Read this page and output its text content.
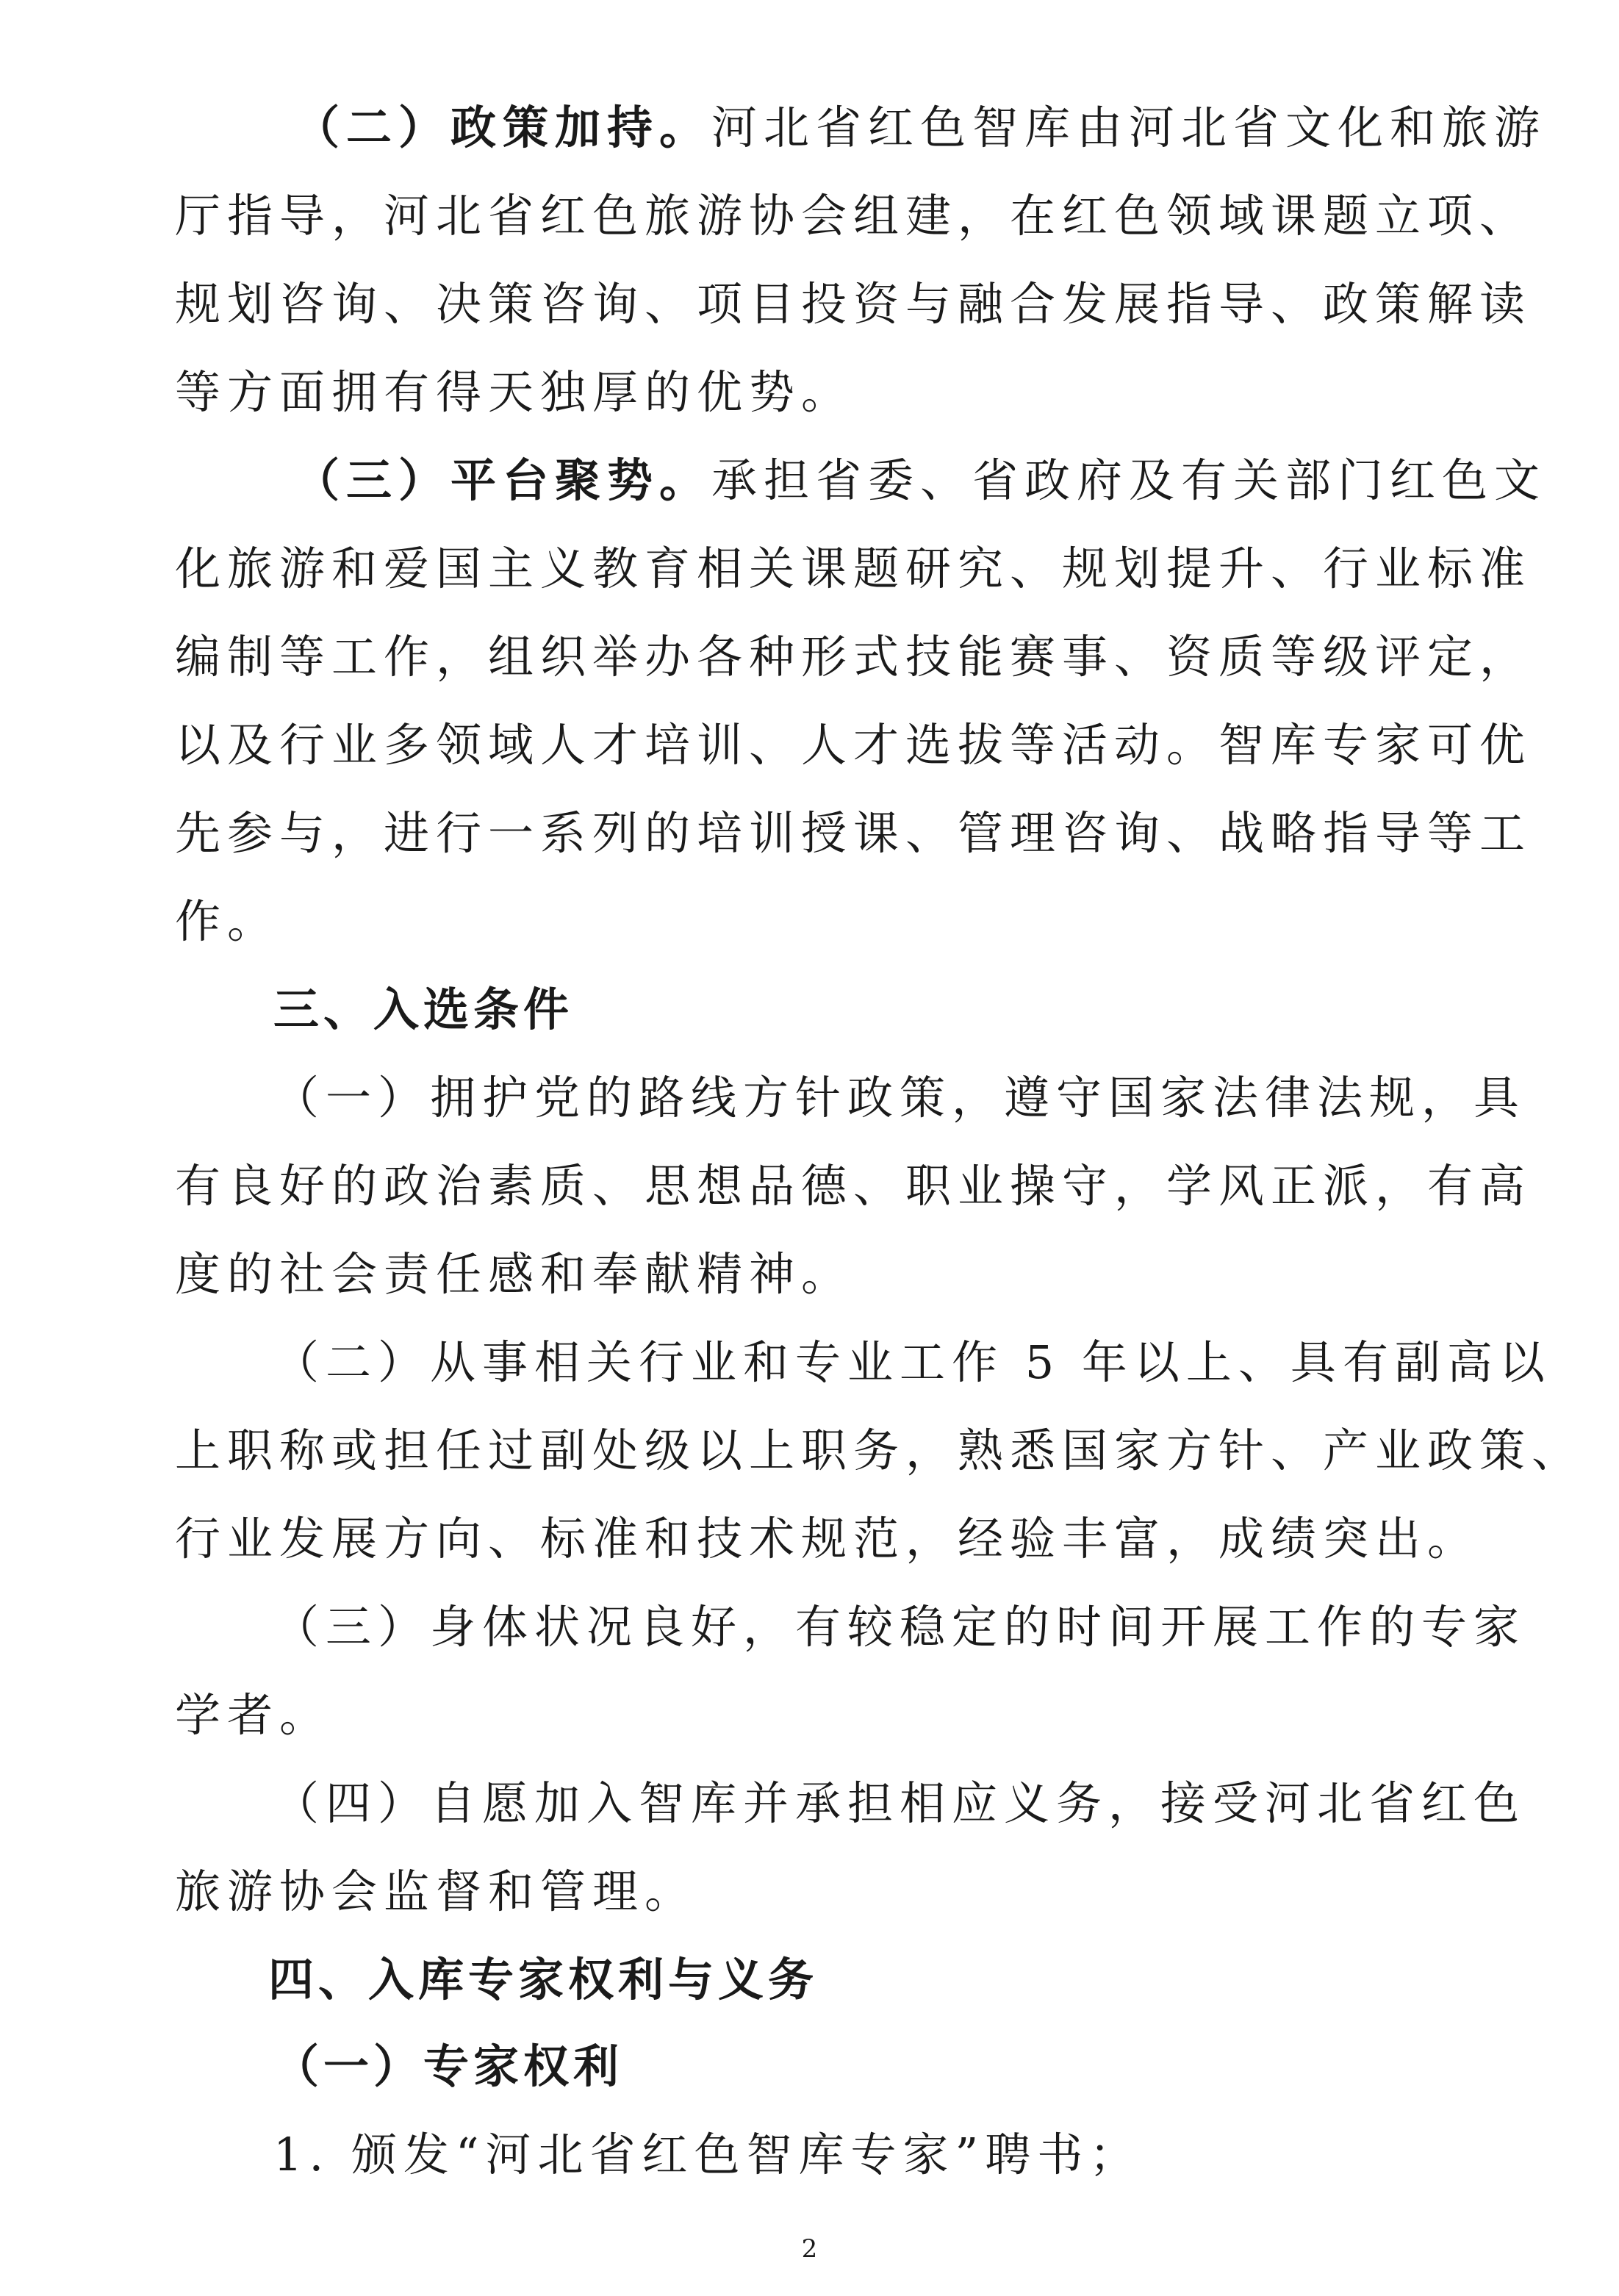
（二）政策加持。河北省红色智库由河北省文化和旅游
厅指导，河北省红色旅游协会组建，在红色领域课题立项、
规划咨询、决策咨询、项目投资与融合发展指导、政策解读
等方面拥有得天独厚的优势。
（三）平台聚势。承担省委、省政府及有关部门红色文
化旅游和爱国主义教育相关课题研究、规划提升、行业标准
编制等工作，组织举办各种形式技能赛事、资质等级评定，
以及行业多领域人才培训、人才选拔等活动。智库专家可优
先参与，进行一系列的培训授课、管理咨询、战略指导等工
作。
三、入选条件
（一）拥护党的路线方针政策，遵守国家法律法规，具
有良好的政治素质、思想品德、职业操守，学风正派，有高
度的社会责任感和奉献精神。
（二）从事相关行业和专业工作 5 年以上、具有副高以
上职称或担任过副处级以上职务，熟悉国家方针、产业政策、
行业发展方向、标准和技术规范，经验丰富，成绩突出。
（三）身体状况良好，有较稳定的时间开展工作的专家
学者。
（四）自愿加入智库并承担相应义务，接受河北省红色
旅游协会监督和管理。
四、入库专家权利与义务
（一）专家权利
1. 颁发“河北省红色智库专家”聘书；
2
